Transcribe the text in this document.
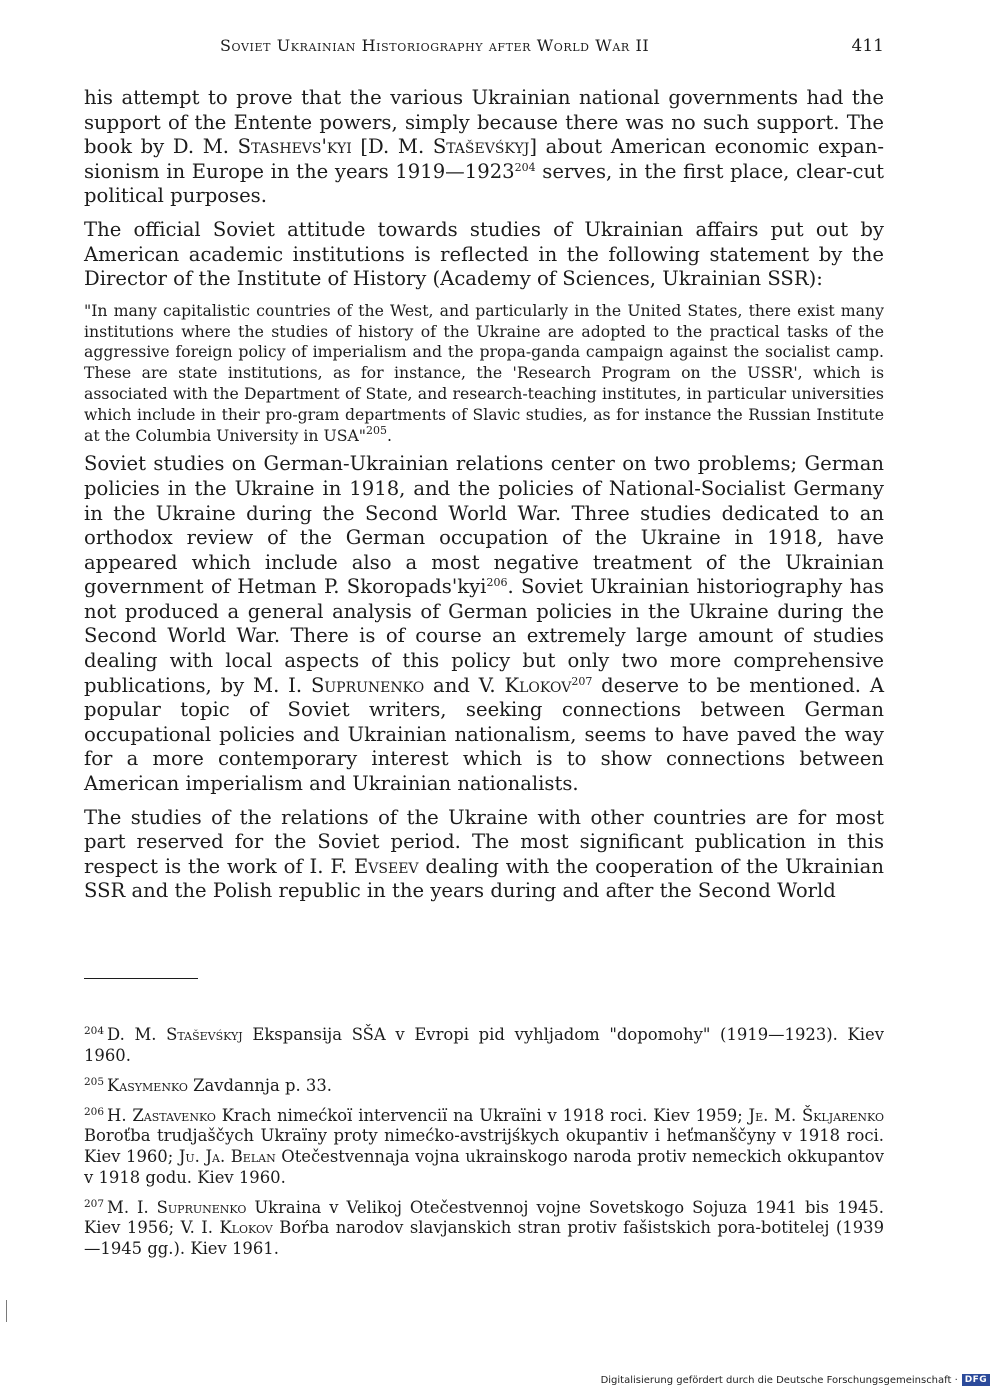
Soviet Ukrainian Historiography after World War II	411

his attempt to prove that the various Ukrainian national governments had the support of the Entente powers, simply because there was no such support. The book by D. M. Stashevs'kyi [D. M. Staševśkyj] about American economic expan-sionism in Europe in the years 1919—1923$^{204}$ serves, in the first place, clear-cut political purposes.

The official Soviet attitude towards studies of Ukrainian affairs put out by American academic institutions is reflected in the following statement by the Director of the Institute of History (Academy of Sciences, Ukrainian SSR):

"In many capitalistic countries of the West, and particularly in the United States, there exist many institutions where the studies of history of the Ukraine are adopted to the practical tasks of the aggressive foreign policy of imperialism and the propa-ganda campaign against the socialist camp. These are state institutions, as for instance, the 'Research Program on the USSR', which is associated with the Department of State, and research-teaching institutes, in particular universities which include in their pro-gram departments of Slavic studies, as for instance the Russian Institute at the Columbia University in USA"$^{205}$.

Soviet studies on German-Ukrainian relations center on two problems; German policies in the Ukraine in 1918, and the policies of National-Socialist Germany in the Ukraine during the Second World War. Three studies dedicated to an orthodox review of the German occupation of the Ukraine in 1918, have appeared which include also a most negative treatment of the Ukrainian government of Hetman P. Skoropads'kyi$^{206}$. Soviet Ukrainian historiography has not produced a general analysis of German policies in the Ukraine during the Second World War. There is of course an extremely large amount of studies dealing with local aspects of this policy but only two more comprehensive publications, by M. I. Suprunenko and V. Klokov$^{207}$ deserve to be mentioned. A popular topic of Soviet writers, seeking connections between German occupational policies and Ukrainian nationalism, seems to have paved the way for a more contemporary interest which is to show connections between American imperialism and Ukrainian nationalists.

The studies of the relations of the Ukraine with other countries are for most part reserved for the Soviet period. The most significant publication in this respect is the work of I. F. Evseev dealing with the cooperation of the Ukrainian SSR and the Polish republic in the years during and after the Second World

$^{204}$ D. M. Staševśkyj Ekspansija SŠA v Evropi pid vyhljadom "dopomohy" (1919—1923). Kiev 1960.
$^{205}$ Kasymenko Zavdannja p. 33.
$^{206}$ H. Zastavenko Krach nimećkoï intervenciï na Ukraïni v 1918 roci. Kiev 1959; Je. M. Škljarenko Boroťba trudjaščych Ukraïny proty nimećko-avstrijśkych okupantiv i heťmanščyny v 1918 roci. Kiev 1960; Ju. Ja. Belan Otečestvennaja vojna ukrainskogo naroda protiv nemeckich okkupantov v 1918 godu. Kiev 1960.
$^{207}$ M. I. Suprunenko Ukraina v Velikoj Otečestvennoj vojne Sovetskogo Sojuza 1941 bis 1945. Kiev 1956; V. I. Klokov Boŕba narodov slavjanskich stran protiv fašistskich pora-botitelej (1939—1945 gg.). Kiev 1961.
Digitalisierung gefördert durch die Deutsche Forschungsgemeinschaft · DFG
